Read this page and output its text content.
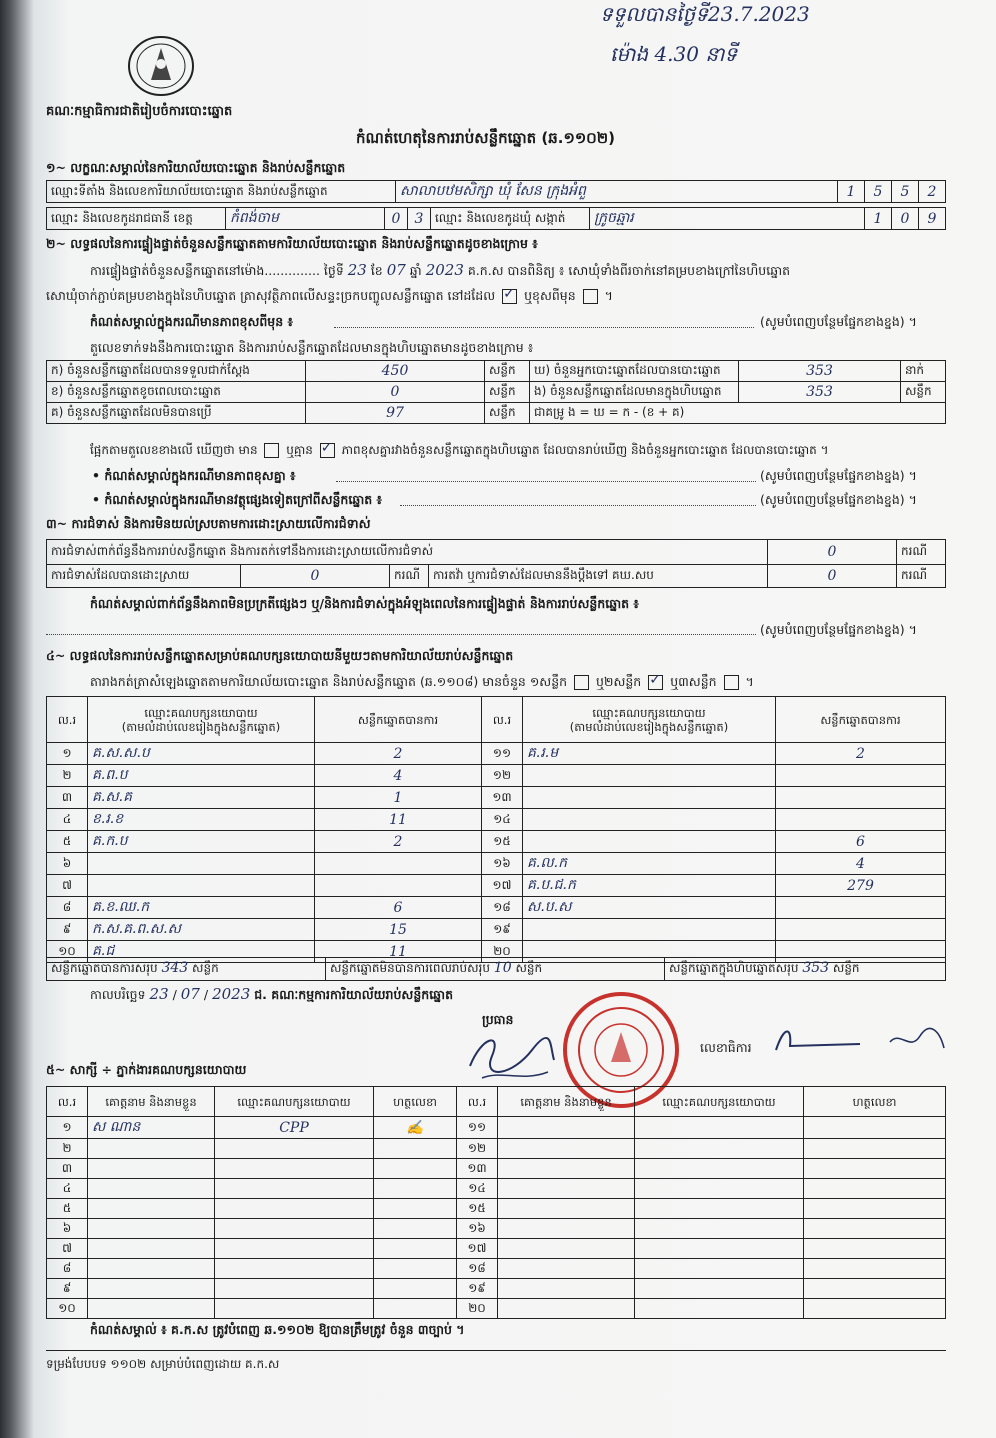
ទទួលបានថ្ងៃទី23.7.2023
ម៉ោង 4.30 នាទី
គណៈកម្មាធិការជាតិរៀបចំការបោះឆ្នោត
កំណត់ហេតុនៃការរាប់សន្លឹកឆ្នោត (ឆ.១១០២)
១~ លក្ខណៈសម្គាល់នៃការិយាល័យបោះឆ្នោត និងរាប់សន្លឹកឆ្នោត
ឈ្មោះទីតាំង និងលេខការិយាល័យបោះឆ្នោត និងរាប់សន្លឹកឆ្នោត	សាលាបឋមសិក្សា ឃុំ សែន ក្រុងអំពួ	1	5	5	2
ឈ្មោះ និងលេខកូដរាជធានី ខេត្ត	កំពង់ចាម	0	3	ឈ្មោះ និងលេខកូដឃុំ សង្កាត់	ក្រូចឆ្មារ	1	0	9
២~ លទ្ធផលនៃការផ្ទៀងផ្ទាត់ចំនួនសន្លឹកឆ្នោតតាមការិយាល័យបោះឆ្នោត និងរាប់សន្លឹកឆ្នោតដូចខាងក្រោម ៖
ការផ្ទៀងផ្ទាត់ចំនួនសន្លឹកឆ្នោតនៅម៉ោង.............. ថ្ងៃទី 23 ខែ 07 ឆ្នាំ 2023 គ.ក.ស បានពិនិត្យ ៖ សោឃុំទាំងពីរចាក់នៅគម្របខាងក្រៅនៃហិបឆ្នោត
សោឃុំចាក់ភ្ជាប់គម្របខាងក្នុងនៃហិបឆ្នោត ត្រាសុវត្ថិភាពលើសន្ទះច្រកបញ្ចូលសន្លឹកឆ្នោត នៅដដែល ✓ ឬខុសពីមុន  ។
កំណត់សម្គាល់ក្នុងករណីមានភាពខុសពីមុន ៖	(សូមបំពេញបន្ថែមផ្នែកខាងខ្នង) ។
តួលេខទាក់ទងនឹងការបោះឆ្នោត និងការរាប់សន្លឹកឆ្នោតដែលមានក្នុងហិបឆ្នោតមានដូចខាងក្រោម ៖
ក) ចំនួនសន្លឹកឆ្នោតដែលបានទទួលជាក់ស្តែង	450	សន្លឹក	ឃ) ចំនួនអ្នកបោះឆ្នោតដែលបានបោះឆ្នោត	353	នាក់
ខ) ចំនួនសន្លឹកឆ្នោតខូចពេលបោះឆ្នោត	0	សន្លឹក	ង) ចំនួនសន្លឹកឆ្នោតដែលមានក្នុងហិបឆ្នោត	353	សន្លឹក
គ) ចំនួនសន្លឹកឆ្នោតដែលមិនបានប្រើ	97	សន្លឹក	ជាគម្រូ ង = ឃ = ក - (ខ + គ)		
ផ្អែកតាមតួលេខខាងលើ ឃើញថា មាន ឬគ្មាន ✓ ភាពខុសគ្នារវាងចំនួនសន្លឹកឆ្នោតក្នុងហិបឆ្នោត ដែលបានរាប់ឃើញ និងចំនួនអ្នកបោះឆ្នោត ដែលបានបោះឆ្នោត ។
• កំណត់សម្គាល់ក្នុងករណីមានភាពខុសគ្នា ៖	(សូមបំពេញបន្ថែមផ្នែកខាងខ្នង) ។
• កំណត់សម្គាល់ក្នុងករណីមានវត្ថុផ្សេងទៀតក្រៅពីសន្លឹកឆ្នោត ៖	(សូមបំពេញបន្ថែមផ្នែកខាងខ្នង) ។
៣~ ការជំទាស់ និងការមិនយល់ស្របតាមការដោះស្រាយលើការជំទាស់
ការជំទាស់ពាក់ព័ន្ធនឹងការរាប់សន្លឹកឆ្នោត និងការតក់ទៅនឹងការដោះស្រាយលើការជំទាស់				0	ករណី
ការជំទាស់ដែលបានដោះស្រាយ	0	ករណី	ការតវ៉ា ឬការជំទាស់ដែលមាននឹងប្ដឹងទៅ គឃ.សប	0	ករណី
កំណត់សម្គាល់ពាក់ព័ន្ធនឹងភាពមិនប្រក្រតីផ្សេងៗ ឬ/និងការជំទាស់ក្នុងអំឡុងពេលនៃការផ្ទៀងផ្ទាត់ និងការរាប់សន្លឹកឆ្នោត ៖
(សូមបំពេញបន្ថែមផ្នែកខាងខ្នង) ។
៤~ លទ្ធផលនៃការរាប់សន្លឹកឆ្នោតសម្រាប់គណបក្សនយោបាយនីមួយៗតាមការិយាល័យរាប់សន្លឹកឆ្នោត
តារាងកត់ត្រាសំឡេងឆ្នោតតាមការិយាល័យបោះឆ្នោត និងរាប់សន្លឹកឆ្នោត (ឆ.១១០៨) មានចំនួន ១សន្លឹក ឬ២សន្លឹក ✓ ឬ៣សន្លឹក  ។
ល.រ	ឈ្មោះគណបក្សនយោបាយ
(តាមលំដាប់លេខរៀងក្នុងសន្លឹកឆ្នោត)	សន្លឹកឆ្នោតបានការ	ល.រ	ឈ្មោះគណបក្សនយោបាយ
(តាមលំដាប់លេខរៀងក្នុងសន្លឹកឆ្នោត)	សន្លឹកឆ្នោតបានការ
១	គ.ស.ស.ប	2	១១	គ.រ.ម	2
២	គ.ព.ប	4	១២		
៣	គ.ស.គ	1	១៣		
៤	ខ.រ.ខ	11	១៤		
៥	គ.ក.ប	2	១៥		6
៦			១៦	គ.ល.ក	4
៧			១៧	គ.ប.ជ.ក	279
៨	គ.ខ.ឈ.ក	6	១៨	ស.ប.ស	
៩	ក.ស.គ.ព.ស.ស	15	១៩		
១០	គ.ជ	11	២០		
សន្លឹកឆ្នោតបានការសរុប 343 សន្លឹក	សន្លឹកឆ្នោតមិនបានការពេលរាប់សរុប 10 សន្លឹក	សន្លឹកឆ្នោតក្នុងហិបឆ្នោតសរុប 353 សន្លឹក
កាលបរិច្ឆេទ 23 / 07 / 2023 ជ. គណៈកម្មការការិយាល័យរាប់សន្លឹកឆ្នោត
ប្រធាន
លេខាធិការ
៥~ សាក្សី ÷ ភ្នាក់ងារគណបក្សនយោបាយ
ល.រ	គោត្តនាម និងនាមខ្លួន	ឈ្មោះគណបក្សនយោបាយ	ហត្ថលេខា	ល.រ	គោត្តនាម និងនាមខ្លួន	ឈ្មោះគណបក្សនយោបាយ	ហត្ថលេខា
១	ស ណាន	CPP	✍	១១			
២				១២			
៣				១៣			
៤				១៤			
៥				១៥			
៦				១៦			
៧				១៧			
៨				១៨			
៩				១៩			
១០				២០			
កំណត់សម្គាល់ ៖ គ.ក.ស ត្រូវបំពេញ ឆ.១១០២ ឱ្យបានត្រឹមត្រូវ ចំនួន ៣ច្បាប់ ។
ទម្រង់បែបបទ ១១០២ សម្រាប់បំពេញដោយ គ.ក.ស
